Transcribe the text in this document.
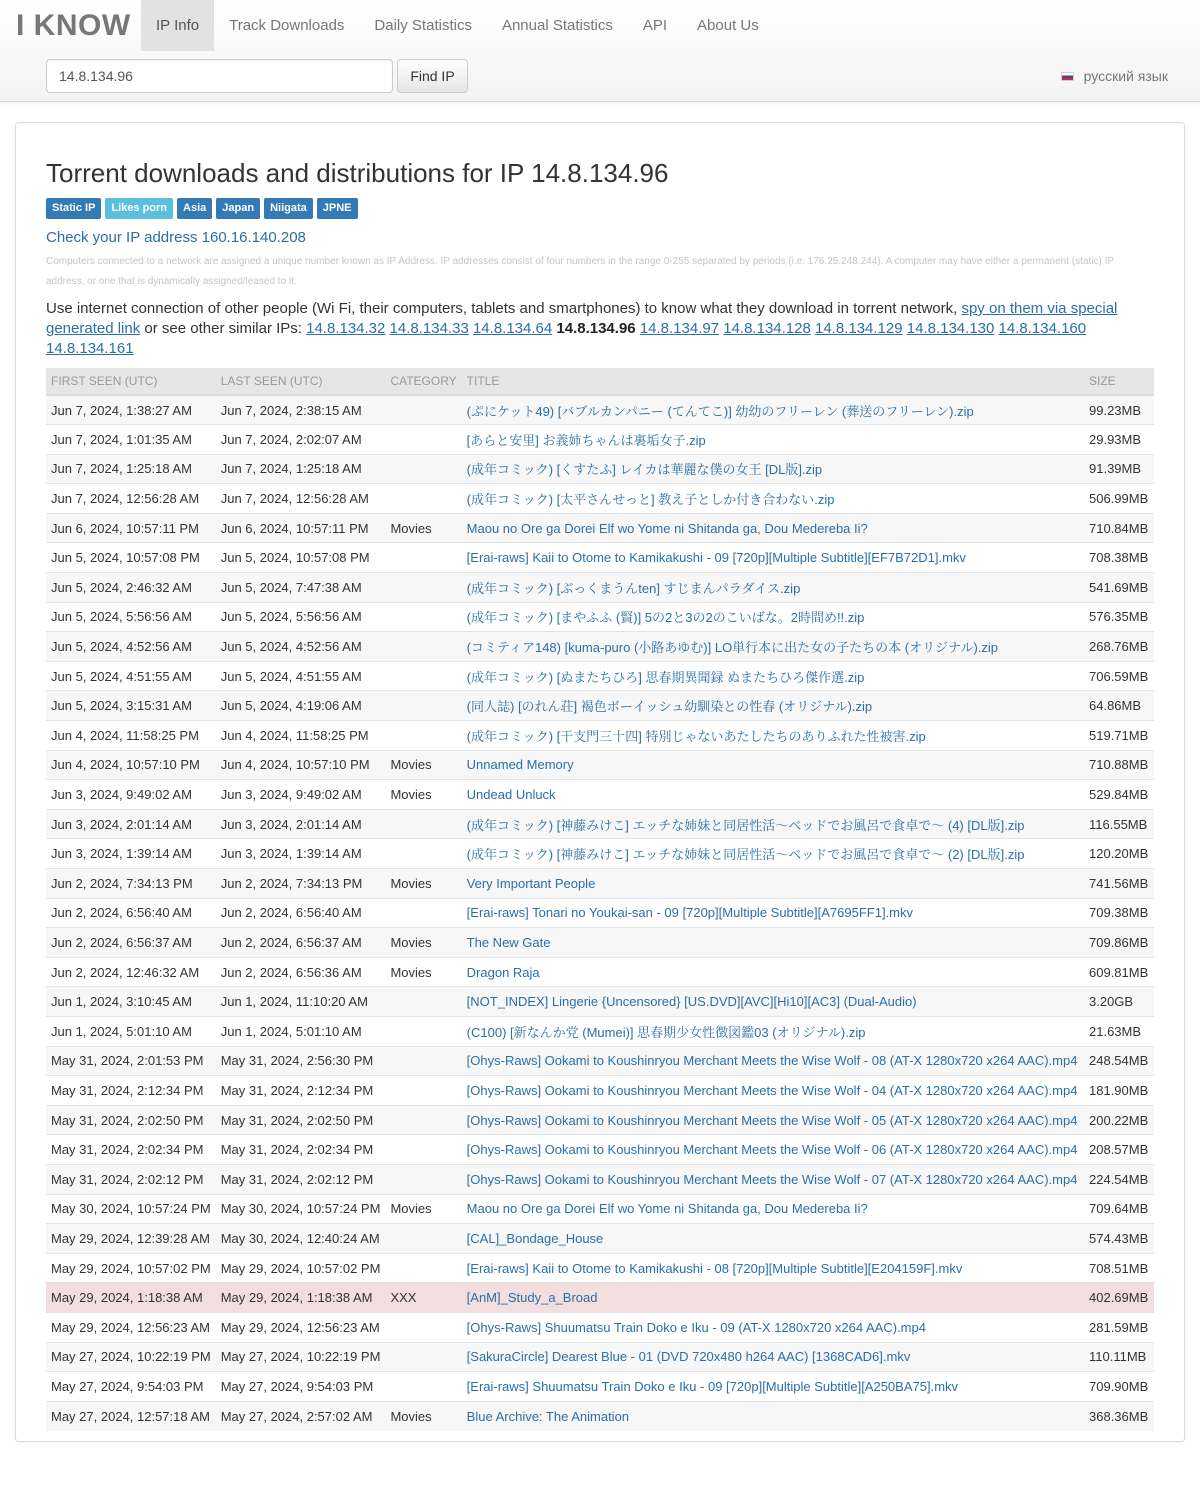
I KNOW	IP Info	Track Downloads	Daily Statistics	Annual Statistics	API	About Us
14.8.134.96
Find IP	русский язык
Torrent downloads and distributions for IP 14.8.134.96
Static IP	Likes porn	Asia	Japan	Niigata	JPNE
Check your IP address 160.16.140.208
Computers connected to a network are assigned a unique number known as IP Address. IP addresses consist of four numbers in the range 0-255 separated by periods (i.e. 176.25.248.244). A computer may have either a permanent (static) IP address, or one that is dynamically assigned/leased to it.
Use internet connection of other people (Wi Fi, their computers, tablets and smartphones) to know what they download in torrent network, spy on them via special generated link or see other similar IPs: 14.8.134.32 14.8.134.33 14.8.134.64 14.8.134.96 14.8.134.97 14.8.134.128 14.8.134.129 14.8.134.130 14.8.134.160 14.8.134.161
FIRST SEEN (UTC)	LAST SEEN (UTC)	CATEGORY	TITLE	SIZE
Jun 7, 2024, 1:38:27 AM	Jun 7, 2024, 2:38:15 AM		(ぷにケット49) [バブルカンパニー (てんてこ)] 幼幼のフリーレン (葬送のフリーレン).zip	99.23MB
Jun 7, 2024, 1:01:35 AM	Jun 7, 2024, 2:02:07 AM		[あらと安里] お義姉ちゃんは裏垢女子.zip	29.93MB
Jun 7, 2024, 1:25:18 AM	Jun 7, 2024, 1:25:18 AM		(成年コミック) [くすたふ] レイカは華麗な僕の女王 [DL版].zip	91.39MB
Jun 7, 2024, 12:56:28 AM	Jun 7, 2024, 12:56:28 AM		(成年コミック) [太平さんせっと] 教え子としか付き合わない.zip	506.99MB
Jun 6, 2024, 10:57:11 PM	Jun 6, 2024, 10:57:11 PM	Movies	Maou no Ore ga Dorei Elf wo Yome ni Shitanda ga, Dou Medereba Ii?	710.84MB
Jun 5, 2024, 10:57:08 PM	Jun 5, 2024, 10:57:08 PM		[Erai-raws] Kaii to Otome to Kamikakushi - 09 [720p][Multiple Subtitle][EF7B72D1].mkv	708.38MB
Jun 5, 2024, 2:46:32 AM	Jun 5, 2024, 7:47:38 AM		(成年コミック) [ぶっくまうんten] すじまんパラダイス.zip	541.69MB
Jun 5, 2024, 5:56:56 AM	Jun 5, 2024, 5:56:56 AM		(成年コミック) [まやふふ (賢)] 5の2と3の2のこいばな。2時間め!!.zip	576.35MB
Jun 5, 2024, 4:52:56 AM	Jun 5, 2024, 4:52:56 AM		(コミティア148) [kuma-puro (小路あゆむ)] LO単行本に出た女の子たちの本 (オリジナル).zip	268.76MB
Jun 5, 2024, 4:51:55 AM	Jun 5, 2024, 4:51:55 AM		(成年コミック) [ぬまたちひろ] 思春期異聞録 ぬまたちひろ傑作選.zip	706.59MB
Jun 5, 2024, 3:15:31 AM	Jun 5, 2024, 4:19:06 AM		(同人誌) [のれん荘] 褐色ボーイッシュ幼馴染との性春 (オリジナル).zip	64.86MB
Jun 4, 2024, 11:58:25 PM	Jun 4, 2024, 11:58:25 PM		(成年コミック) [干支門三十四] 特別じゃないあたしたちのありふれた性被害.zip	519.71MB
Jun 4, 2024, 10:57:10 PM	Jun 4, 2024, 10:57:10 PM	Movies	Unnamed Memory	710.88MB
Jun 3, 2024, 9:49:02 AM	Jun 3, 2024, 9:49:02 AM	Movies	Undead Unluck	529.84MB
Jun 3, 2024, 2:01:14 AM	Jun 3, 2024, 2:01:14 AM		(成年コミック) [神藤みけこ] エッチな姉妹と同居性活〜ベッドでお風呂で食卓で〜 (4) [DL版].zip	116.55MB
Jun 3, 2024, 1:39:14 AM	Jun 3, 2024, 1:39:14 AM		(成年コミック) [神藤みけこ] エッチな姉妹と同居性活〜ベッドでお風呂で食卓で〜 (2) [DL版].zip	120.20MB
Jun 2, 2024, 7:34:13 PM	Jun 2, 2024, 7:34:13 PM	Movies	Very Important People	741.56MB
Jun 2, 2024, 6:56:40 AM	Jun 2, 2024, 6:56:40 AM		[Erai-raws] Tonari no Youkai-san - 09 [720p][Multiple Subtitle][A7695FF1].mkv	709.38MB
Jun 2, 2024, 6:56:37 AM	Jun 2, 2024, 6:56:37 AM	Movies	The New Gate	709.86MB
Jun 2, 2024, 12:46:32 AM	Jun 2, 2024, 6:56:36 AM	Movies	Dragon Raja	609.81MB
Jun 1, 2024, 3:10:45 AM	Jun 1, 2024, 11:10:20 AM		[NOT_INDEX] Lingerie {Uncensored} [US.DVD][AVC][Hi10][AC3] (Dual-Audio)	3.20GB
Jun 1, 2024, 5:01:10 AM	Jun 1, 2024, 5:01:10 AM		(C100) [新なんか党 (Mumei)] 思春期少女性徴図鑑03 (オリジナル).zip	21.63MB
May 31, 2024, 2:01:53 PM	May 31, 2024, 2:56:30 PM		[Ohys-Raws] Ookami to Koushinryou Merchant Meets the Wise Wolf - 08 (AT-X 1280x720 x264 AAC).mp4	248.54MB
May 31, 2024, 2:12:34 PM	May 31, 2024, 2:12:34 PM		[Ohys-Raws] Ookami to Koushinryou Merchant Meets the Wise Wolf - 04 (AT-X 1280x720 x264 AAC).mp4	181.90MB
May 31, 2024, 2:02:50 PM	May 31, 2024, 2:02:50 PM		[Ohys-Raws] Ookami to Koushinryou Merchant Meets the Wise Wolf - 05 (AT-X 1280x720 x264 AAC).mp4	200.22MB
May 31, 2024, 2:02:34 PM	May 31, 2024, 2:02:34 PM		[Ohys-Raws] Ookami to Koushinryou Merchant Meets the Wise Wolf - 06 (AT-X 1280x720 x264 AAC).mp4	208.57MB
May 31, 2024, 2:02:12 PM	May 31, 2024, 2:02:12 PM		[Ohys-Raws] Ookami to Koushinryou Merchant Meets the Wise Wolf - 07 (AT-X 1280x720 x264 AAC).mp4	224.54MB
May 30, 2024, 10:57:24 PM	May 30, 2024, 10:57:24 PM	Movies	Maou no Ore ga Dorei Elf wo Yome ni Shitanda ga, Dou Medereba Ii?	709.64MB
May 29, 2024, 12:39:28 AM	May 30, 2024, 12:40:24 AM		[CAL]_Bondage_House	574.43MB
May 29, 2024, 10:57:02 PM	May 29, 2024, 10:57:02 PM		[Erai-raws] Kaii to Otome to Kamikakushi - 08 [720p][Multiple Subtitle][E204159F].mkv	708.51MB
May 29, 2024, 1:18:38 AM	May 29, 2024, 1:18:38 AM	XXX	[AnM]_Study_a_Broad	402.69MB
May 29, 2024, 12:56:23 AM	May 29, 2024, 12:56:23 AM		[Ohys-Raws] Shuumatsu Train Doko e Iku - 09 (AT-X 1280x720 x264 AAC).mp4	281.59MB
May 27, 2024, 10:22:19 PM	May 27, 2024, 10:22:19 PM		[SakuraCircle] Dearest Blue - 01 (DVD 720x480 h264 AAC) [1368CAD6].mkv	110.11MB
May 27, 2024, 9:54:03 PM	May 27, 2024, 9:54:03 PM		[Erai-raws] Shuumatsu Train Doko e Iku - 09 [720p][Multiple Subtitle][A250BA75].mkv	709.90MB
May 27, 2024, 12:57:18 AM	May 27, 2024, 2:57:02 AM	Movies	Blue Archive: The Animation	368.36MB
